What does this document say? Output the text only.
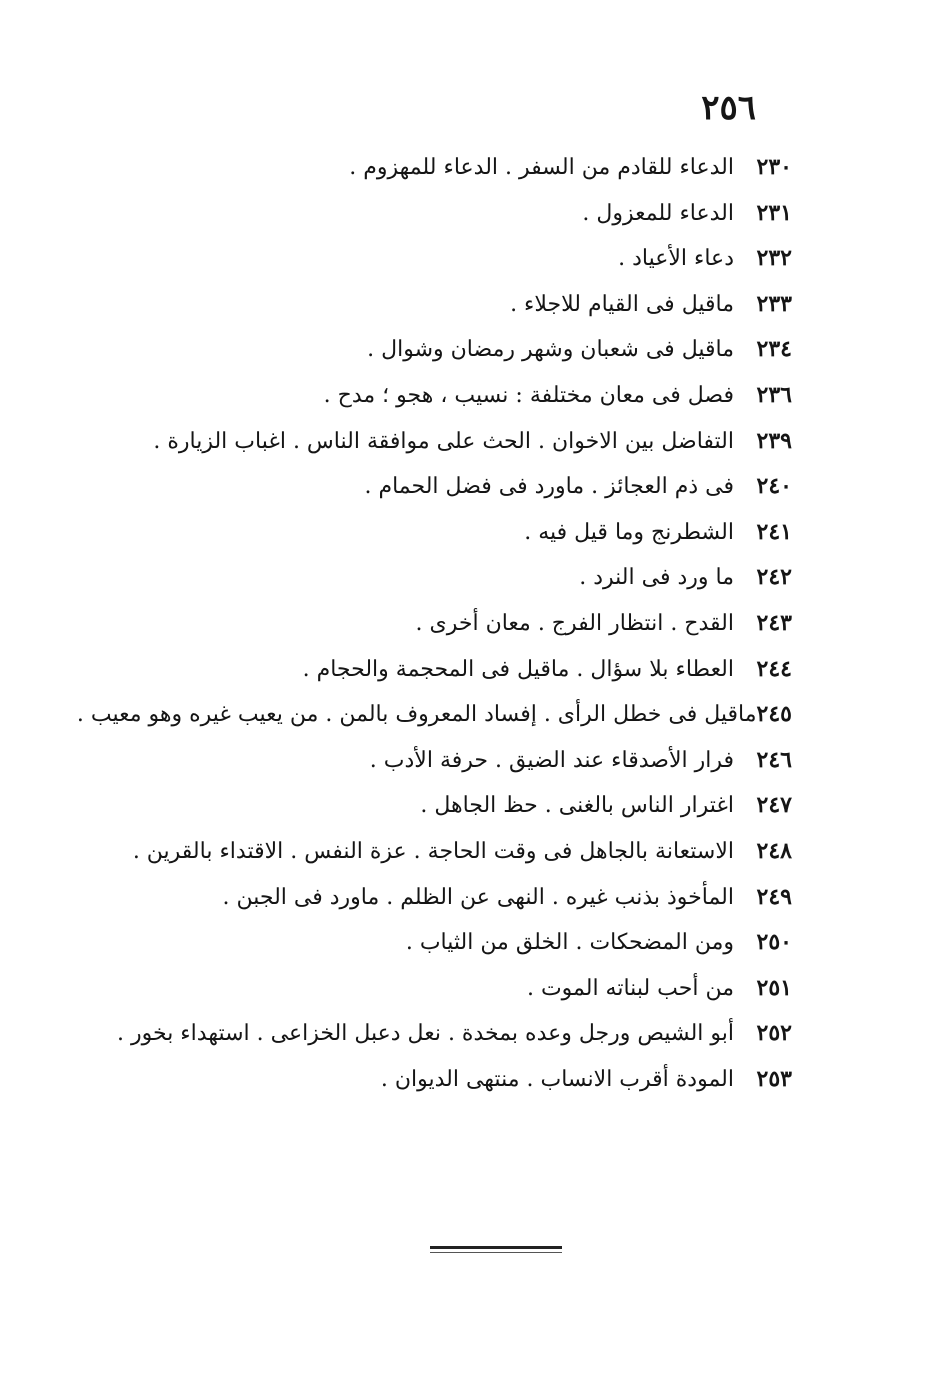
٢٥٦
٢٣٠
الدعاء للقادم من السفر . الدعاء للمهزوم .
٢٣١
الدعاء للمعزول .
٢٣٢
دعاء الأعياد .
٢٣٣
ماقيل فى القيام للاجلاء .
٢٣٤
ماقيل فى شعبان وشهر رمضان وشوال .
٢٣٦
فصل فى معان مختلفة : نسيب ، هجو ؛ مدح .
٢٣٩
التفاضل بين الاخوان . الحث على موافقة الناس . اغباب الزيارة .
٢٤٠
فى ذم العجائز . ماورد فى فضل الحمام .
٢٤١
الشطرنج وما قيل فيه .
٢٤٢
ما ورد فى النرد .
٢٤٣
القدح . انتظار الفرج . معان أخرى .
٢٤٤
العطاء بلا سؤال . ماقيل فى المحجمة والحجام .
٢٤٥
ماقيل فى خطل الرأى . إفساد المعروف بالمن . من يعيب غيره وهو معيب .
٢٤٦
فرار الأصدقاء عند الضيق . حرفة الأدب .
٢٤٧
اغترار الناس بالغنى . حظ الجاهل .
٢٤٨
الاستعانة بالجاهل فى وقت الحاجة . عزة النفس . الاقتداء بالقرين .
٢٤٩
المأخوذ بذنب غيره . النهى عن الظلم . ماورد فى الجبن .
٢٥٠
ومن المضحكات . الخلق من الثياب .
٢٥١
من أحب لبناته الموت .
٢٥٢
أبو الشيص ورجل وعده بمخدة . نعل دعبل الخزاعى . استهداء بخور .
٢٥٣
المودة أقرب الانساب . منتهى الديوان .
